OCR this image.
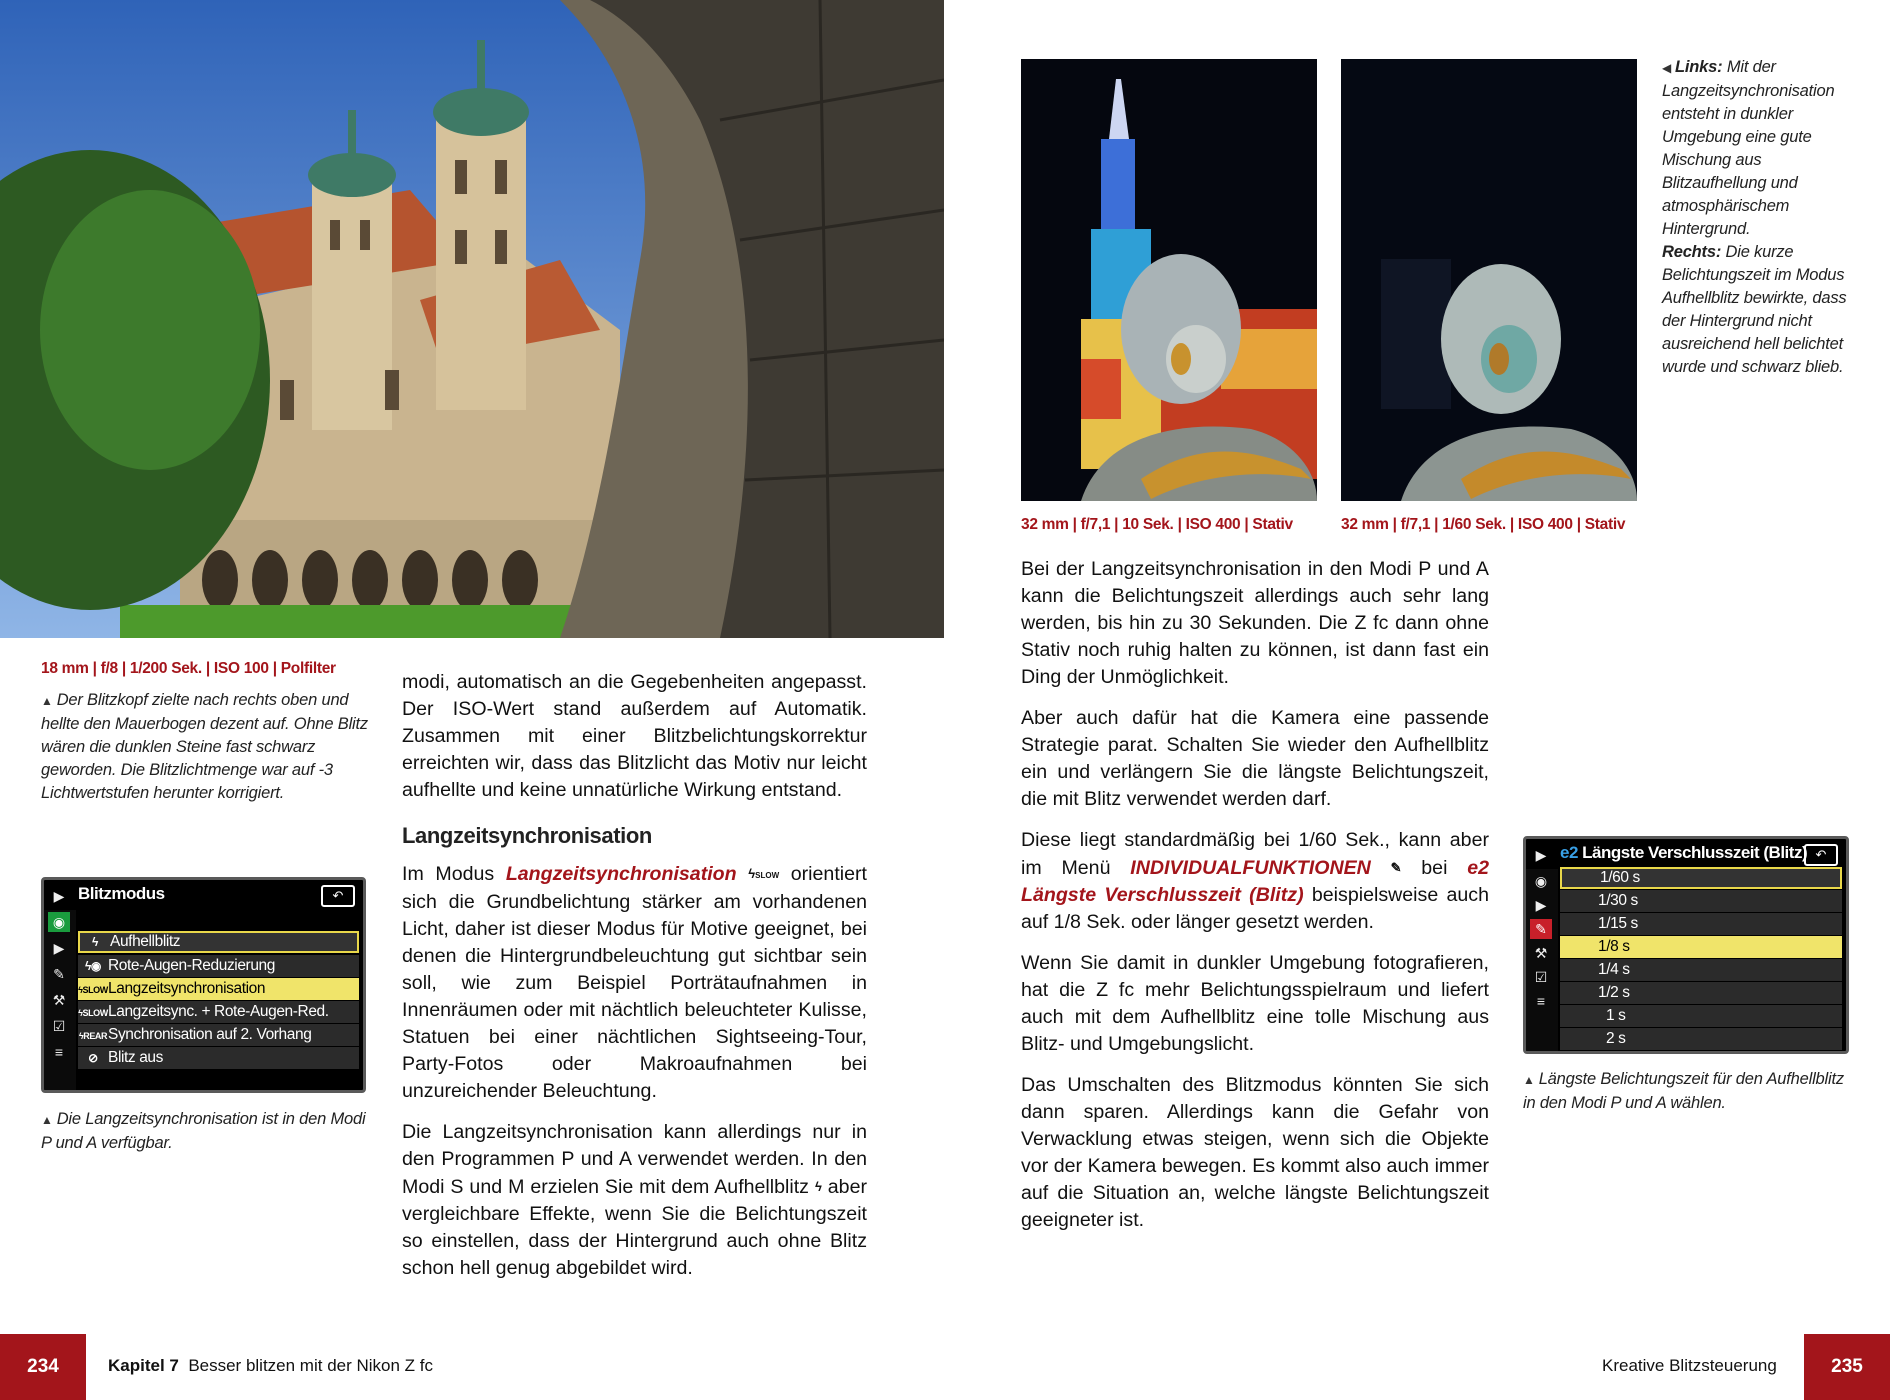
18 mm | f/8 | 1/200 Sek. | ISO 100 | Polfilter
▲ Der Blitzkopf zielte nach rechts oben und hellte den Mauerbogen dezent auf. Ohne Blitz wären die dunklen Steine fast schwarz geworden. Die Blitzlichtmenge war auf -3 Lichtwertstufen herunter korrigiert.
Blitzmodus	↶
▶
◉
▶
✎
⚒
☑
≡
ϟ Aufhellblitz
ϟ◉ Rote-Augen-Reduzierung
ϟSLOWLangzeitsynchronisation
ϟSLOWLangzeitsync. + Rote-Augen-Red.
ϟREARSynchronisation auf 2. Vorhang
⊘ Blitz aus
▲ Die Langzeitsynchronisation ist in den Modi P und A verfügbar.

modi, automatisch an die Gegebenheiten angepasst. Der ISO-Wert stand außerdem auf Automatik. Zusammen mit einer Blitzbelichtungskorrektur erreichten wir, dass das Blitzlicht das Motiv nur leicht aufhellte und keine unnatürliche Wirkung entstand.

Langzeitsynchronisation

Im Modus Langzeitsynchronisation ϟSLOW orientiert sich die Grundbelichtung stärker am vorhandenen Licht, daher ist dieser Modus für Motive geeignet, bei denen die Hintergrundbeleuchtung gut sichtbar sein soll, wie zum Beispiel Porträtaufnahmen in Innenräumen oder mit nächtlich beleuchteter Kulisse, Statuen bei einer nächtlichen Sightseeing-Tour, Party-Fotos oder Makroaufnahmen bei unzureichender Beleuchtung.

Die Langzeitsynchronisation kann allerdings nur in den Programmen P und A verwendet werden. In den Modi S und M erzielen Sie mit dem Aufhellblitz ϟ aber vergleichbare Effekte, wenn Sie die Belichtungszeit so einstellen, dass der Hintergrund auch ohne Blitz schon hell genug abgebildet wird.

234	Kapitel 7 Besser blitzen mit der Nikon Z fc
32 mm | f/7,1 | 10 Sek. | ISO 400 | Stativ	32 mm | f/7,1 | 1/60 Sek. | ISO 400 | Stativ
◀ Links: Mit der Langzeitsynchronisation entsteht in dunkler Umgebung eine gute Mischung aus Blitzaufhellung und atmosphärischem Hintergrund.
Rechts: Die kurze Belichtungszeit im Modus Aufhellblitz bewirkte, dass der Hintergrund nicht ausreichend hell belichtet wurde und schwarz blieb.

Bei der Langzeitsynchronisation in den Modi P und A kann die Belichtungszeit allerdings auch sehr lang werden, bis hin zu 30 Sekunden. Die Z fc dann ohne Stativ noch ruhig halten zu können, ist dann fast ein Ding der Unmöglichkeit.

Aber auch dafür hat die Kamera eine passende Strategie parat. Schalten Sie wieder den Aufhellblitz ein und verlängern Sie die längste Belichtungszeit, die mit Blitz verwendet werden darf.

Diese liegt standardmäßig bei 1/60 Sek., kann aber im Menü INDIVIDUALFUNKTIONEN ✎ bei e2 Längste Verschlusszeit (Blitz) beispielsweise auch auf 1/8 Sek. oder länger gesetzt werden.

Wenn Sie damit in dunkler Umgebung fotografieren, hat die Z fc mehr Belichtungsspielraum und liefert auch mit dem Aufhellblitz eine tolle Mischung aus Blitz- und Umgebungslicht.

Das Umschalten des Blitzmodus könnten Sie sich dann sparen. Allerdings kann die Gefahr von Verwacklung etwas steigen, wenn sich die Objekte vor der Kamera bewegen. Es kommt also auch immer auf die Situation an, welche längste Belichtungszeit geeigneter ist.

e2 Längste Verschlusszeit (Blitz) ↶
▶
◉
▶
✎
⚒
☑
≡
1/60 s
1/30 s
1/15 s
1/8 s
1/4 s
1/2 s
1 s
2 s
▲ Längste Belichtungszeit für den Aufhellblitz in den Modi P und A wählen.
Kreative Blitzsteuerung	235
